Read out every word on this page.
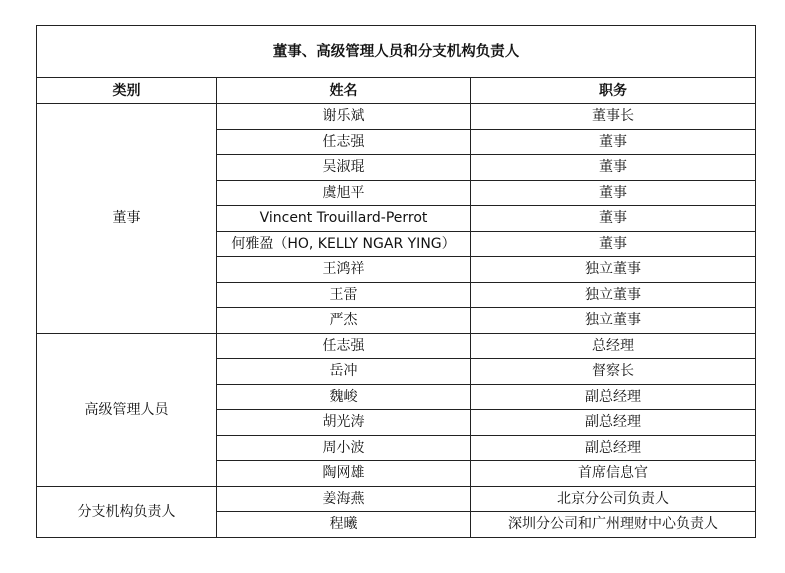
董事、高级管理人员和分支机构负责人		
类别	姓名	职务
董事	谢乐斌	董事长
	任志强	董事
	吴淑琨	董事
	虞旭平	董事
	Vincent Trouillard-Perrot	董事
	何雅盈（HO, KELLY NGAR YING）	董事
	王鸿祥	独立董事
	王雷	独立董事
	严杰	独立董事
高级管理人员	任志强	总经理
	岳冲	督察长
	魏峻	副总经理
	胡光涛	副总经理
	周小波	副总经理
	陶网雄	首席信息官
分支机构负责人	姜海燕	北京分公司负责人
	程曦	深圳分公司和广州理财中心负责人
